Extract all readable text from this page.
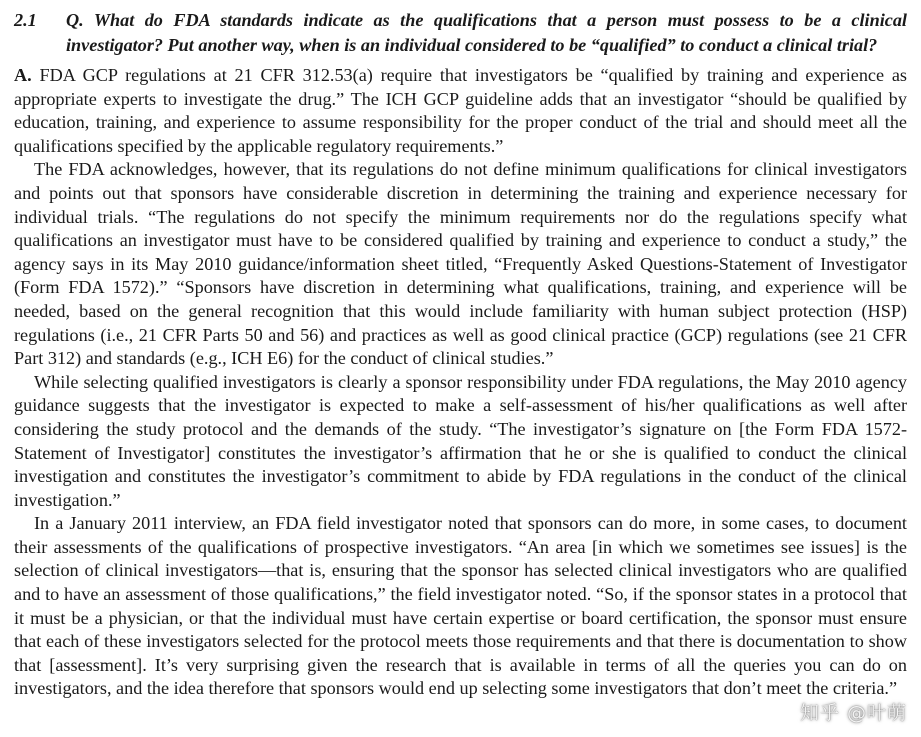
2.1	Q. What do FDA standards indicate as the qualifications that a person must possess to be a clinical investigator? Put another way, when is an individual considered to be “qualified” to conduct a clinical trial?

A. FDA GCP regulations at 21 CFR 312.53(a) require that investigators be “qualified by training and experience as appropriate experts to investigate the drug.” The ICH GCP guideline adds that an investigator “should be qualified by education, training, and experience to assume responsibility for the proper conduct of the trial and should meet all the qualifications specified by the applicable regulatory requirements.”

The FDA acknowledges, however, that its regulations do not define minimum qualifications for clinical investigators and points out that sponsors have considerable discretion in determining the training and experience necessary for individual trials. “The regulations do not specify the minimum requirements nor do the regulations specify what qualifications an investigator must have to be considered qualified by training and experience to conduct a study,” the agency says in its May 2010 guidance/information sheet titled, “Frequently Asked Questions-Statement of Investigator (Form FDA 1572).” “Sponsors have discretion in determining what qualifications, training, and experience will be needed, based on the general recognition that this would include familiarity with human subject protection (HSP) regulations (i.e., 21 CFR Parts 50 and 56) and practices as well as good clinical practice (GCP) regulations (see 21 CFR Part 312) and standards (e.g., ICH E6) for the conduct of clinical studies.”

While selecting qualified investigators is clearly a sponsor responsibility under FDA regulations, the May 2010 agency guidance suggests that the investigator is expected to make a self-assessment of his/her qualifications as well after considering the study protocol and the demands of the study. “The investigator’s signature on [the Form FDA 1572-Statement of Investigator] constitutes the investigator’s affirmation that he or she is qualified to conduct the clinical investigation and constitutes the investigator’s commitment to abide by FDA regulations in the conduct of the clinical investigation.”

In a January 2011 interview, an FDA field investigator noted that sponsors can do more, in some cases, to document their assessments of the qualifications of prospective investigators. “An area [in which we sometimes see issues] is the selection of clinical investigators—that is, ensuring that the sponsor has selected clinical investigators who are qualified and to have an assessment of those qualifications,” the field investigator noted. “So, if the sponsor states in a protocol that it must be a physician, or that the individual must have certain expertise or board certification, the sponsor must ensure that each of these investigators selected for the protocol meets those requirements and that there is documentation to show that [assessment]. It’s very surprising given the research that is available in terms of all the queries you can do on investigators, and the idea therefore that sponsors would end up selecting some investigators that don’t meet the criteria.”

知乎 @叶萌
